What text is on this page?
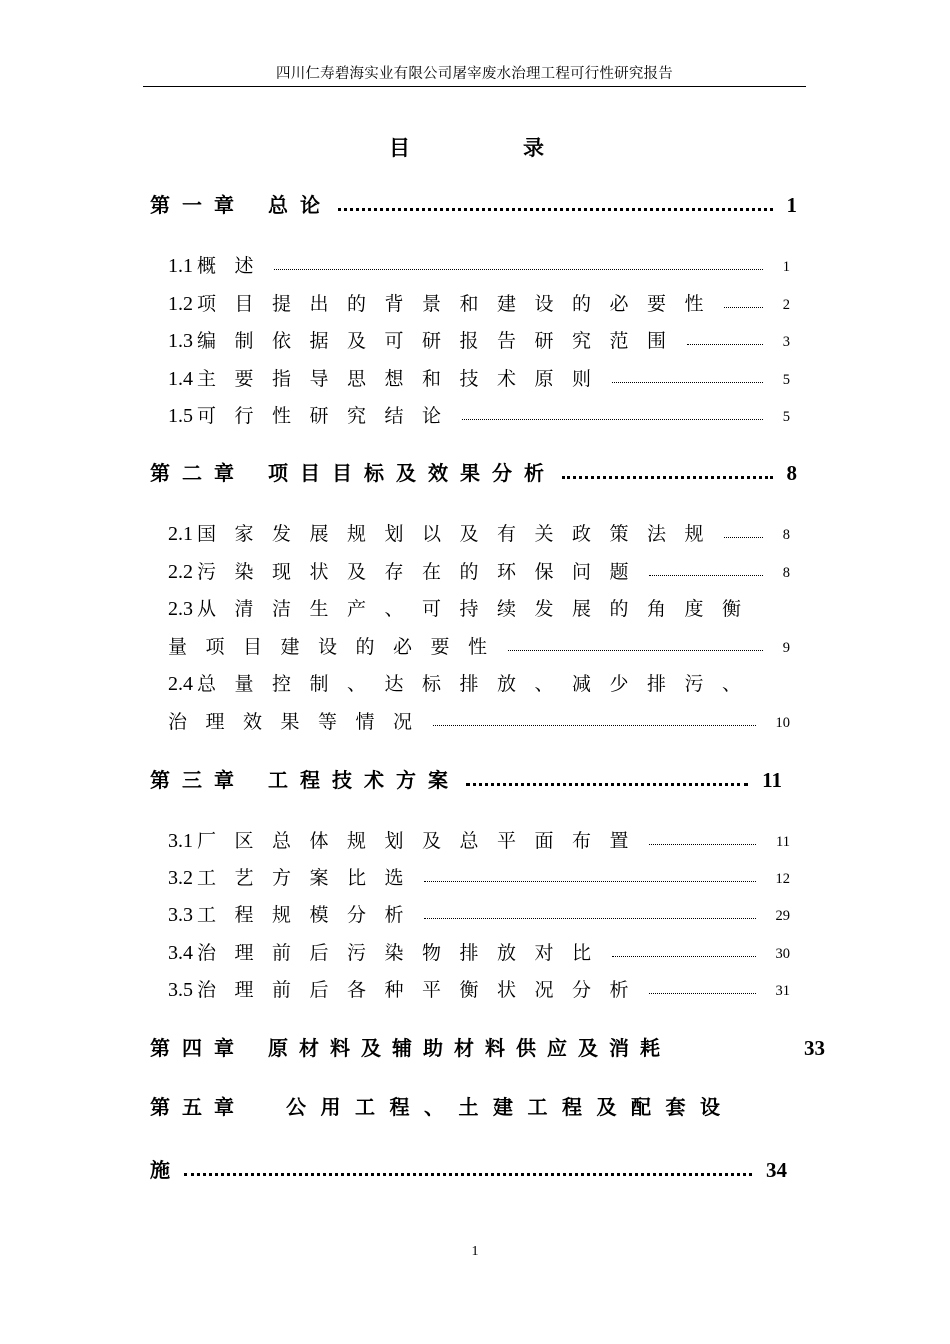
四川仁寿碧海实业有限公司屠宰废水治理工程可行性研究报告
目	录
第一章 总论	1
1.1 概述	1
1.2 项目提出的背景和建设的必要性	2
1.3 编制依据及可研报告研究范围	3
1.4 主要指导思想和技术原则	5
1.5 可行性研究结论	5
第二章 项目目标及效果分析	8
2.1 国家发展规划以及有关政策法规	8
2.2 污染现状及存在的环保问题	8
2.3 从清洁生产、可持续发展的角度衡
量项目建设的必要性	9
2.4 总量控制、达标排放、减少排污、
治理效果等情况	10
第三章 工程技术方案	11
3.1 厂区总体规划及总平面布置	11
3.2 工艺方案比选	12
3.3 工程规模分析	29
3.4 治理前后污染物排放对比	30
3.5 治理前后各种平衡状况分析	31
第四章 原材料及辅助材料供应及消耗	33
第五章 公用工程、土建工程及配套设
施	34
1
